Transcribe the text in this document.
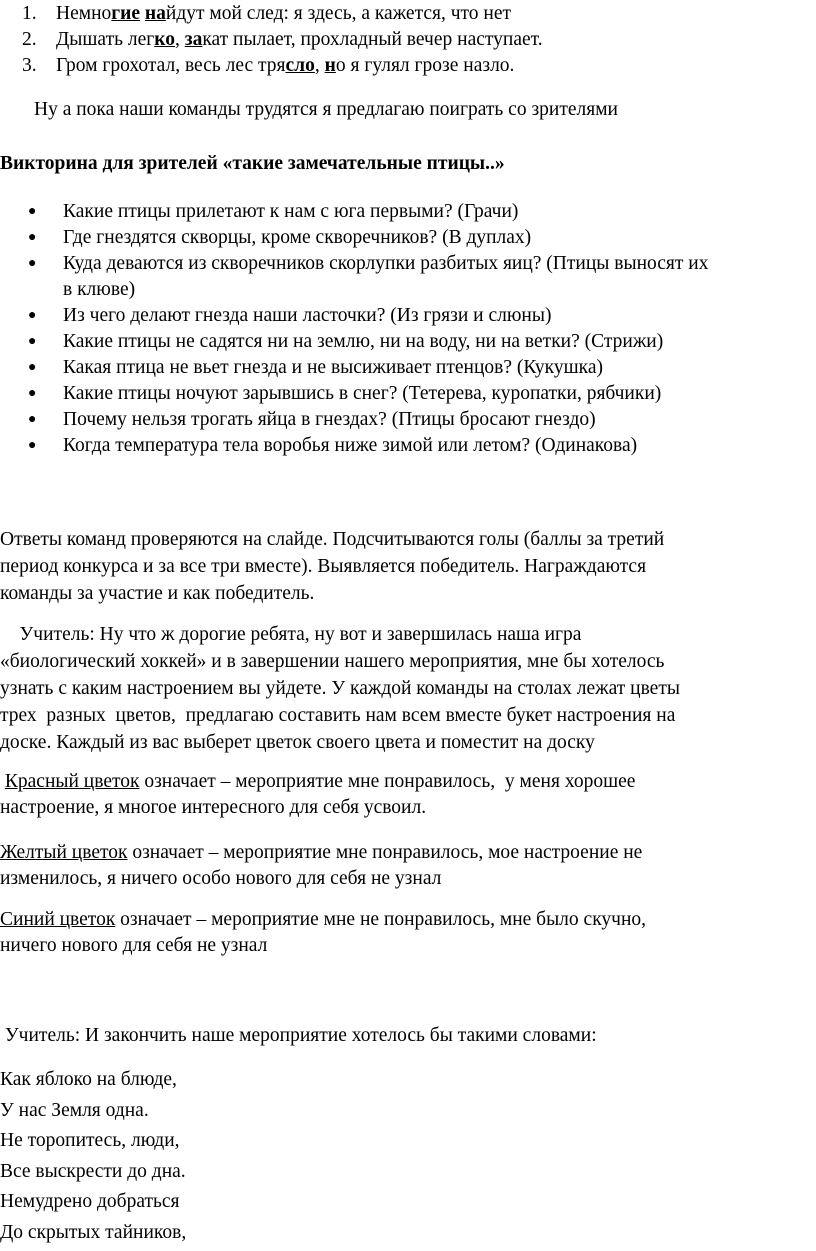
1. Немногие найдут мой след: я здесь, а кажется, что нет
2. Дышать легко, закат пылает, прохладный вечер наступает.
3. Гром грохотал, весь лес трясло, но я гулял грозе назло.
Ну а пока наши команды трудятся я предлагаю поиграть со зрителями
Викторина для зрителей «такие замечательные птицы..»
● Какие птицы прилетают к нам с юга первыми? (Грачи)
● Где гнездятся скворцы, кроме скворечников? (В дуплах)
● Куда деваются из скворечников скорлупки разбитых яиц? (Птицы выносят их
в клюве)
● Из чего делают гнезда наши ласточки? (Из грязи и слюны)
● Какие птицы не садятся ни на землю, ни на воду, ни на ветки? (Стрижи)
● Какая птица не вьет гнезда и не высиживает птенцов? (Кукушка)
● Какие птицы ночуют зарывшись в снег? (Тетерева, куропатки, рябчики)
● Почему нельзя трогать яйца в гнездах? (Птицы бросают гнездо)
● Когда температура тела воробья ниже зимой или летом? (Одинакова)
Ответы команд проверяются на слайде. Подсчитываются голы (баллы за третий
период конкурса и за все три вместе). Выявляется победитель. Награждаются
команды за участие и как победитель.
Учитель: Ну что ж дорогие ребята, ну вот и завершилась наша игра
«биологический хоккей» и в завершении нашего мероприятия, мне бы хотелось
узнать с каким настроением вы уйдете. У каждой команды на столах лежат цветы
трех  разных  цветов,  предлагаю составить нам всем вместе букет настроения на
доске. Каждый из вас выберет цветок своего цвета и поместит на доску
Красный цветок означает – мероприятие мне понравилось,  у меня хорошее
настроение, я многое интересного для себя усвоил.
Желтый цветок означает – мероприятие мне понравилось, мое настроение не
изменилось, я ничего особо нового для себя не узнал
Синий цветок означает – мероприятие мне не понравилось, мне было скучно,
ничего нового для себя не узнал
Учитель: И закончить наше мероприятие хотелось бы такими словами:
Как яблоко на блюде,
У нас Земля одна.
Не торопитесь, люди,
Все выскрести до дна.
Немудрено добраться
До скрытых тайников,
